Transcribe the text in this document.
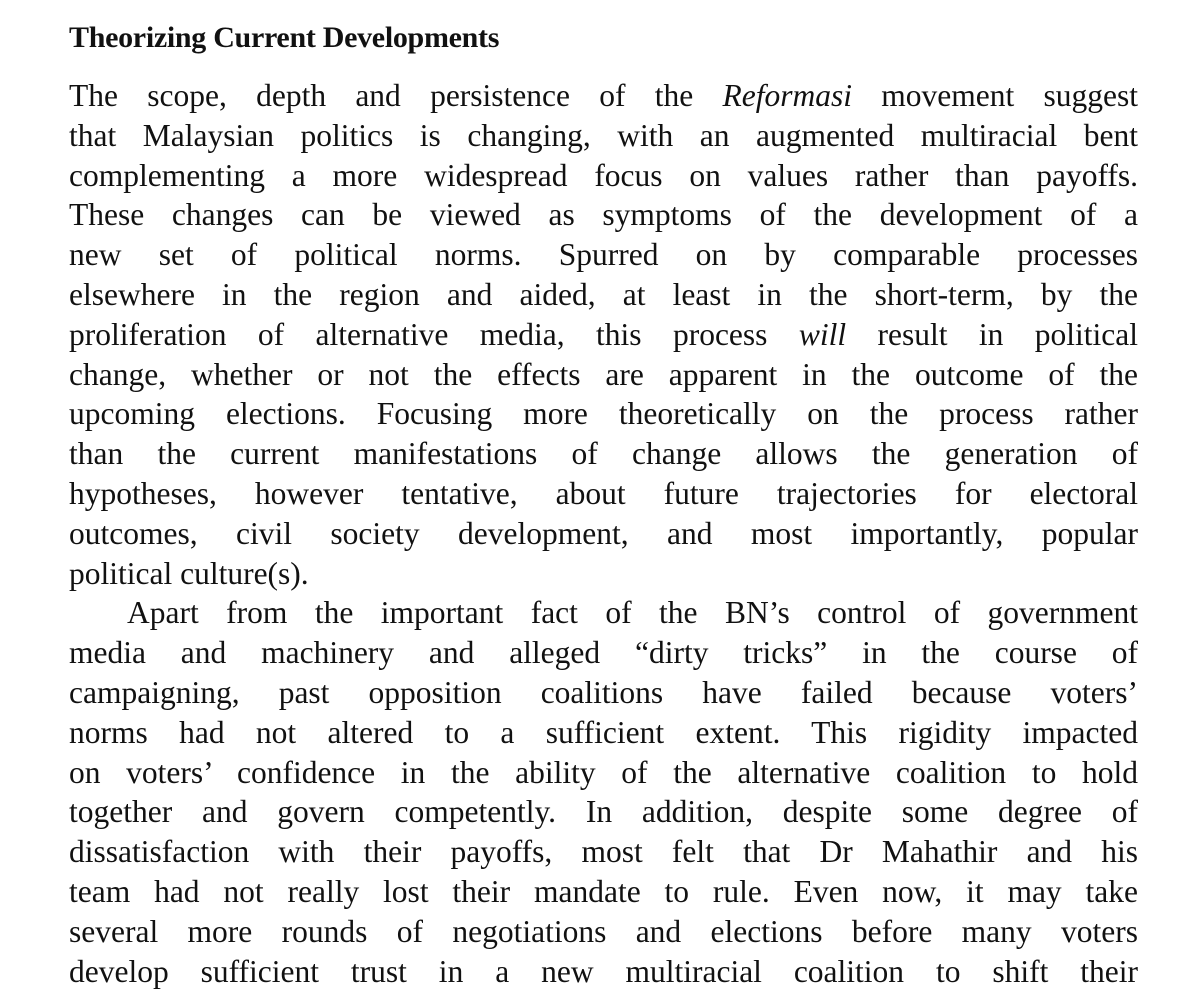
Theorizing Current Developments
The scope, depth and persistence of the Reformasi movement suggest
that Malaysian politics is changing, with an augmented multiracial bent
complementing a more widespread focus on values rather than payoffs.
These changes can be viewed as symptoms of the development of a
new set of political norms. Spurred on by comparable processes
elsewhere in the region and aided, at least in the short-term, by the
proliferation of alternative media, this process will result in political
change, whether or not the effects are apparent in the outcome of the
upcoming elections. Focusing more theoretically on the process rather
than the current manifestations of change allows the generation of
hypotheses, however tentative, about future trajectories for electoral
outcomes, civil society development, and most importantly, popular
political culture(s).
Apart from the important fact of the BN’s control of government
media and machinery and alleged “dirty tricks” in the course of
campaigning, past opposition coalitions have failed because voters’
norms had not altered to a sufficient extent. This rigidity impacted
on voters’ confidence in the ability of the alternative coalition to hold
together and govern competently. In addition, despite some degree of
dissatisfaction with their payoffs, most felt that Dr Mahathir and his
team had not really lost their mandate to rule. Even now, it may take
several more rounds of negotiations and elections before many voters
develop sufficient trust in a new multiracial coalition to shift their
